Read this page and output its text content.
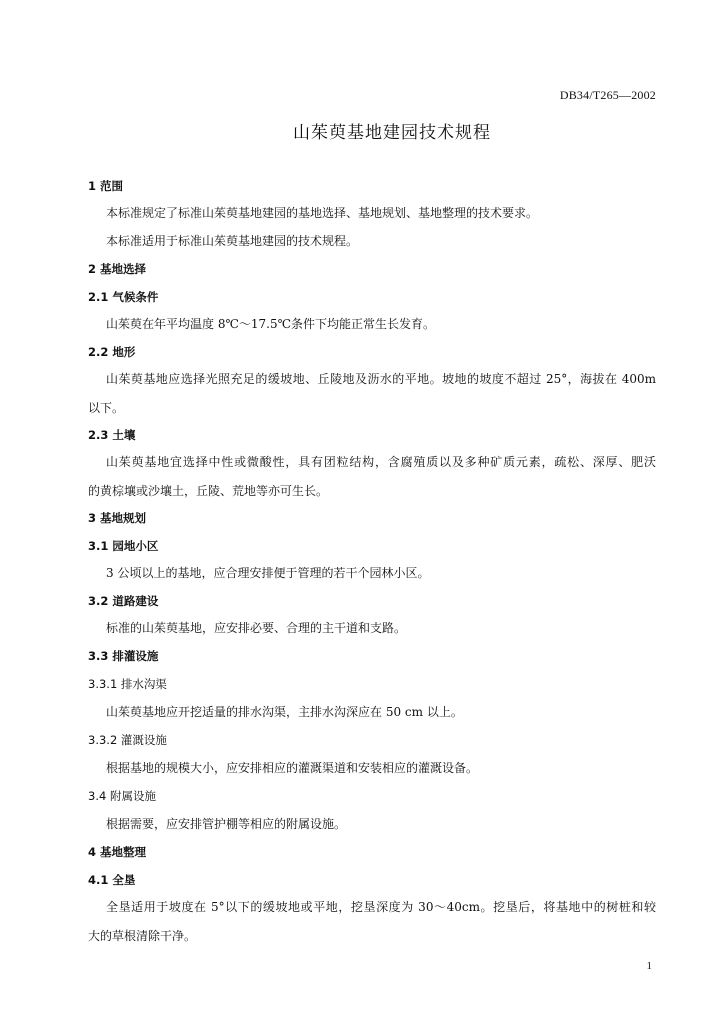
DB34/T265—2002
山茱萸基地建园技术规程
1 范围
本标准规定了标准山茱萸基地建园的基地选择、基地规划、基地整理的技术要求。
本标准适用于标准山茱萸基地建园的技术规程。
2 基地选择
2.1 气候条件
山茱萸在年平均温度 8℃～17.5℃条件下均能正常生长发育。
2.2 地形
山茱萸基地应选择光照充足的缓坡地、丘陵地及沥水的平地。坡地的坡度不超过 25°，海拔在 400m
以下。
2.3 土壤
山茱萸基地宜选择中性或微酸性，具有团粒结构，含腐殖质以及多种矿质元素，疏松、深厚、肥沃
的黄棕壤或沙壤土，丘陵、荒地等亦可生长。
3 基地规划
3.1 园地小区
3 公顷以上的基地，应合理安排便于管理的若干个园林小区。
3.2 道路建设
标准的山茱萸基地，应安排必要、合理的主干道和支路。
3.3 排灌设施
3.3.1 排水沟渠
山茱萸基地应开挖适量的排水沟渠，主排水沟深应在 50 cm 以上。
3.3.2 灌溉设施
根据基地的规模大小，应安排相应的灌溉渠道和安装相应的灌溉设备。
3.4 附属设施
根据需要，应安排管护棚等相应的附属设施。
4 基地整理
4.1 全垦
全垦适用于坡度在 5°以下的缓坡地或平地，挖垦深度为 30～40cm。挖垦后，将基地中的树桩和较
大的草根清除干净。
1
